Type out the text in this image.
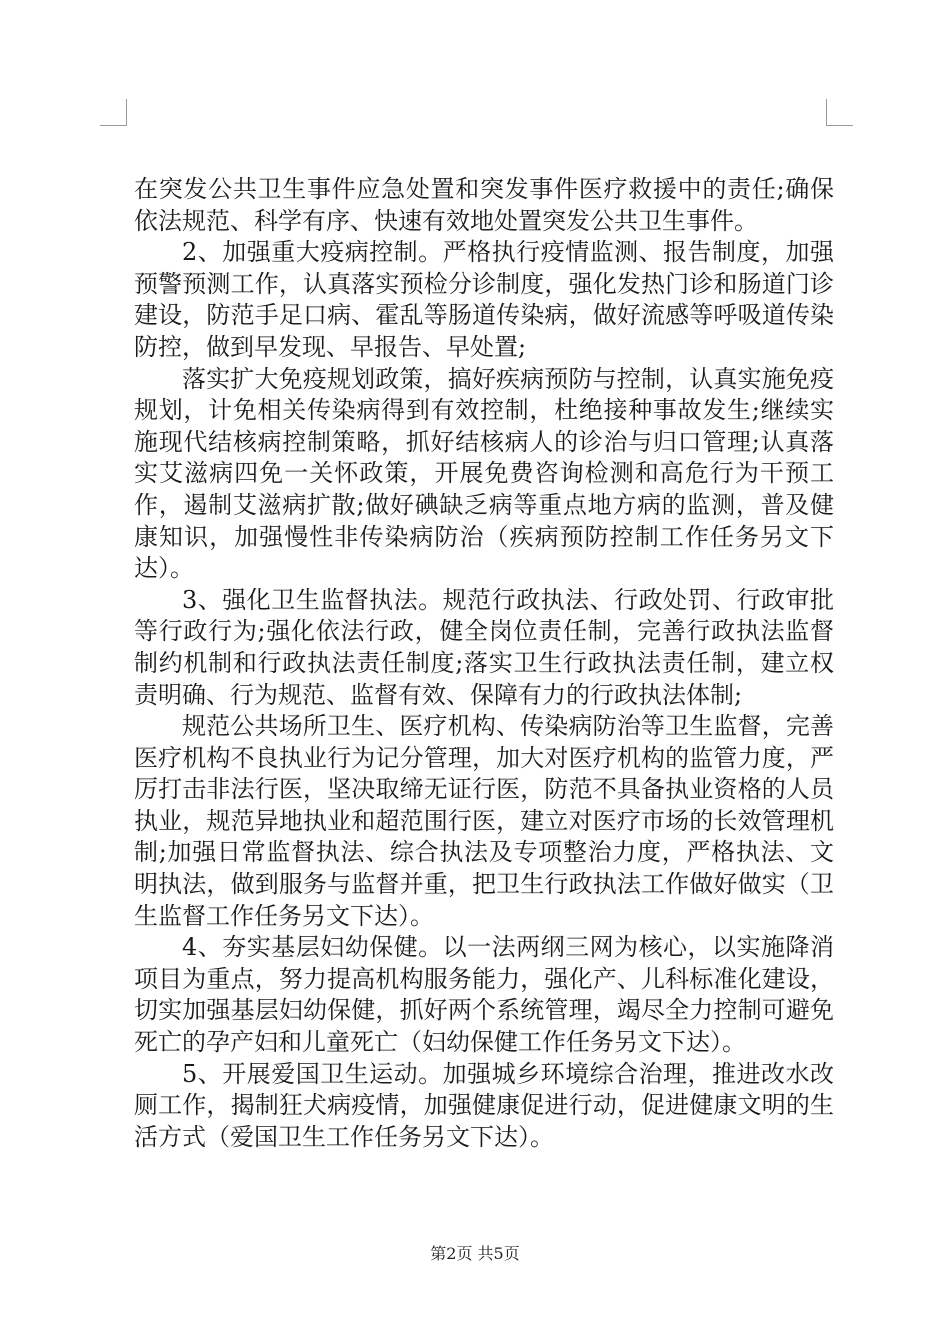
在突发公共卫生事件应急处置和突发事件医疗救援中的责任;确保依法规范、科学有序、快速有效地处置突发公共卫生事件。

2、加强重大疫病控制。严格执行疫情监测、报告制度，加强预警预测工作，认真落实预检分诊制度，强化发热门诊和肠道门诊建设，防范手足口病、霍乱等肠道传染病，做好流感等呼吸道传染防控，做到早发现、早报告、早处置;

落实扩大免疫规划政策，搞好疾病预防与控制，认真实施免疫规划，计免相关传染病得到有效控制，杜绝接种事故发生;继续实施现代结核病控制策略，抓好结核病人的诊治与归口管理;认真落实艾滋病四免一关怀政策，开展免费咨询检测和高危行为干预工作，遏制艾滋病扩散;做好碘缺乏病等重点地方病的监测，普及健康知识，加强慢性非传染病防治（疾病预防控制工作任务另文下达）。

3、强化卫生监督执法。规范行政执法、行政处罚、行政审批等行政行为;强化依法行政，健全岗位责任制，完善行政执法监督制约机制和行政执法责任制度;落实卫生行政执法责任制，建立权责明确、行为规范、监督有效、保障有力的行政执法体制;

规范公共场所卫生、医疗机构、传染病防治等卫生监督，完善医疗机构不良执业行为记分管理，加大对医疗机构的监管力度，严厉打击非法行医，坚决取缔无证行医，防范不具备执业资格的人员执业，规范异地执业和超范围行医，建立对医疗市场的长效管理机制;加强日常监督执法、综合执法及专项整治力度，严格执法、文明执法，做到服务与监督并重，把卫生行政执法工作做好做实（卫生监督工作任务另文下达）。

4、夯实基层妇幼保健。以一法两纲三网为核心，以实施降消项目为重点，努力提高机构服务能力，强化产、儿科标准化建设，切实加强基层妇幼保健，抓好两个系统管理，竭尽全力控制可避免死亡的孕产妇和儿童死亡（妇幼保健工作任务另文下达）。

5、开展爱国卫生运动。加强城乡环境综合治理，推进改水改厕工作，揭制狂犬病疫情，加强健康促进行动，促进健康文明的生活方式（爱国卫生工作任务另文下达）。

第2页 共5页
